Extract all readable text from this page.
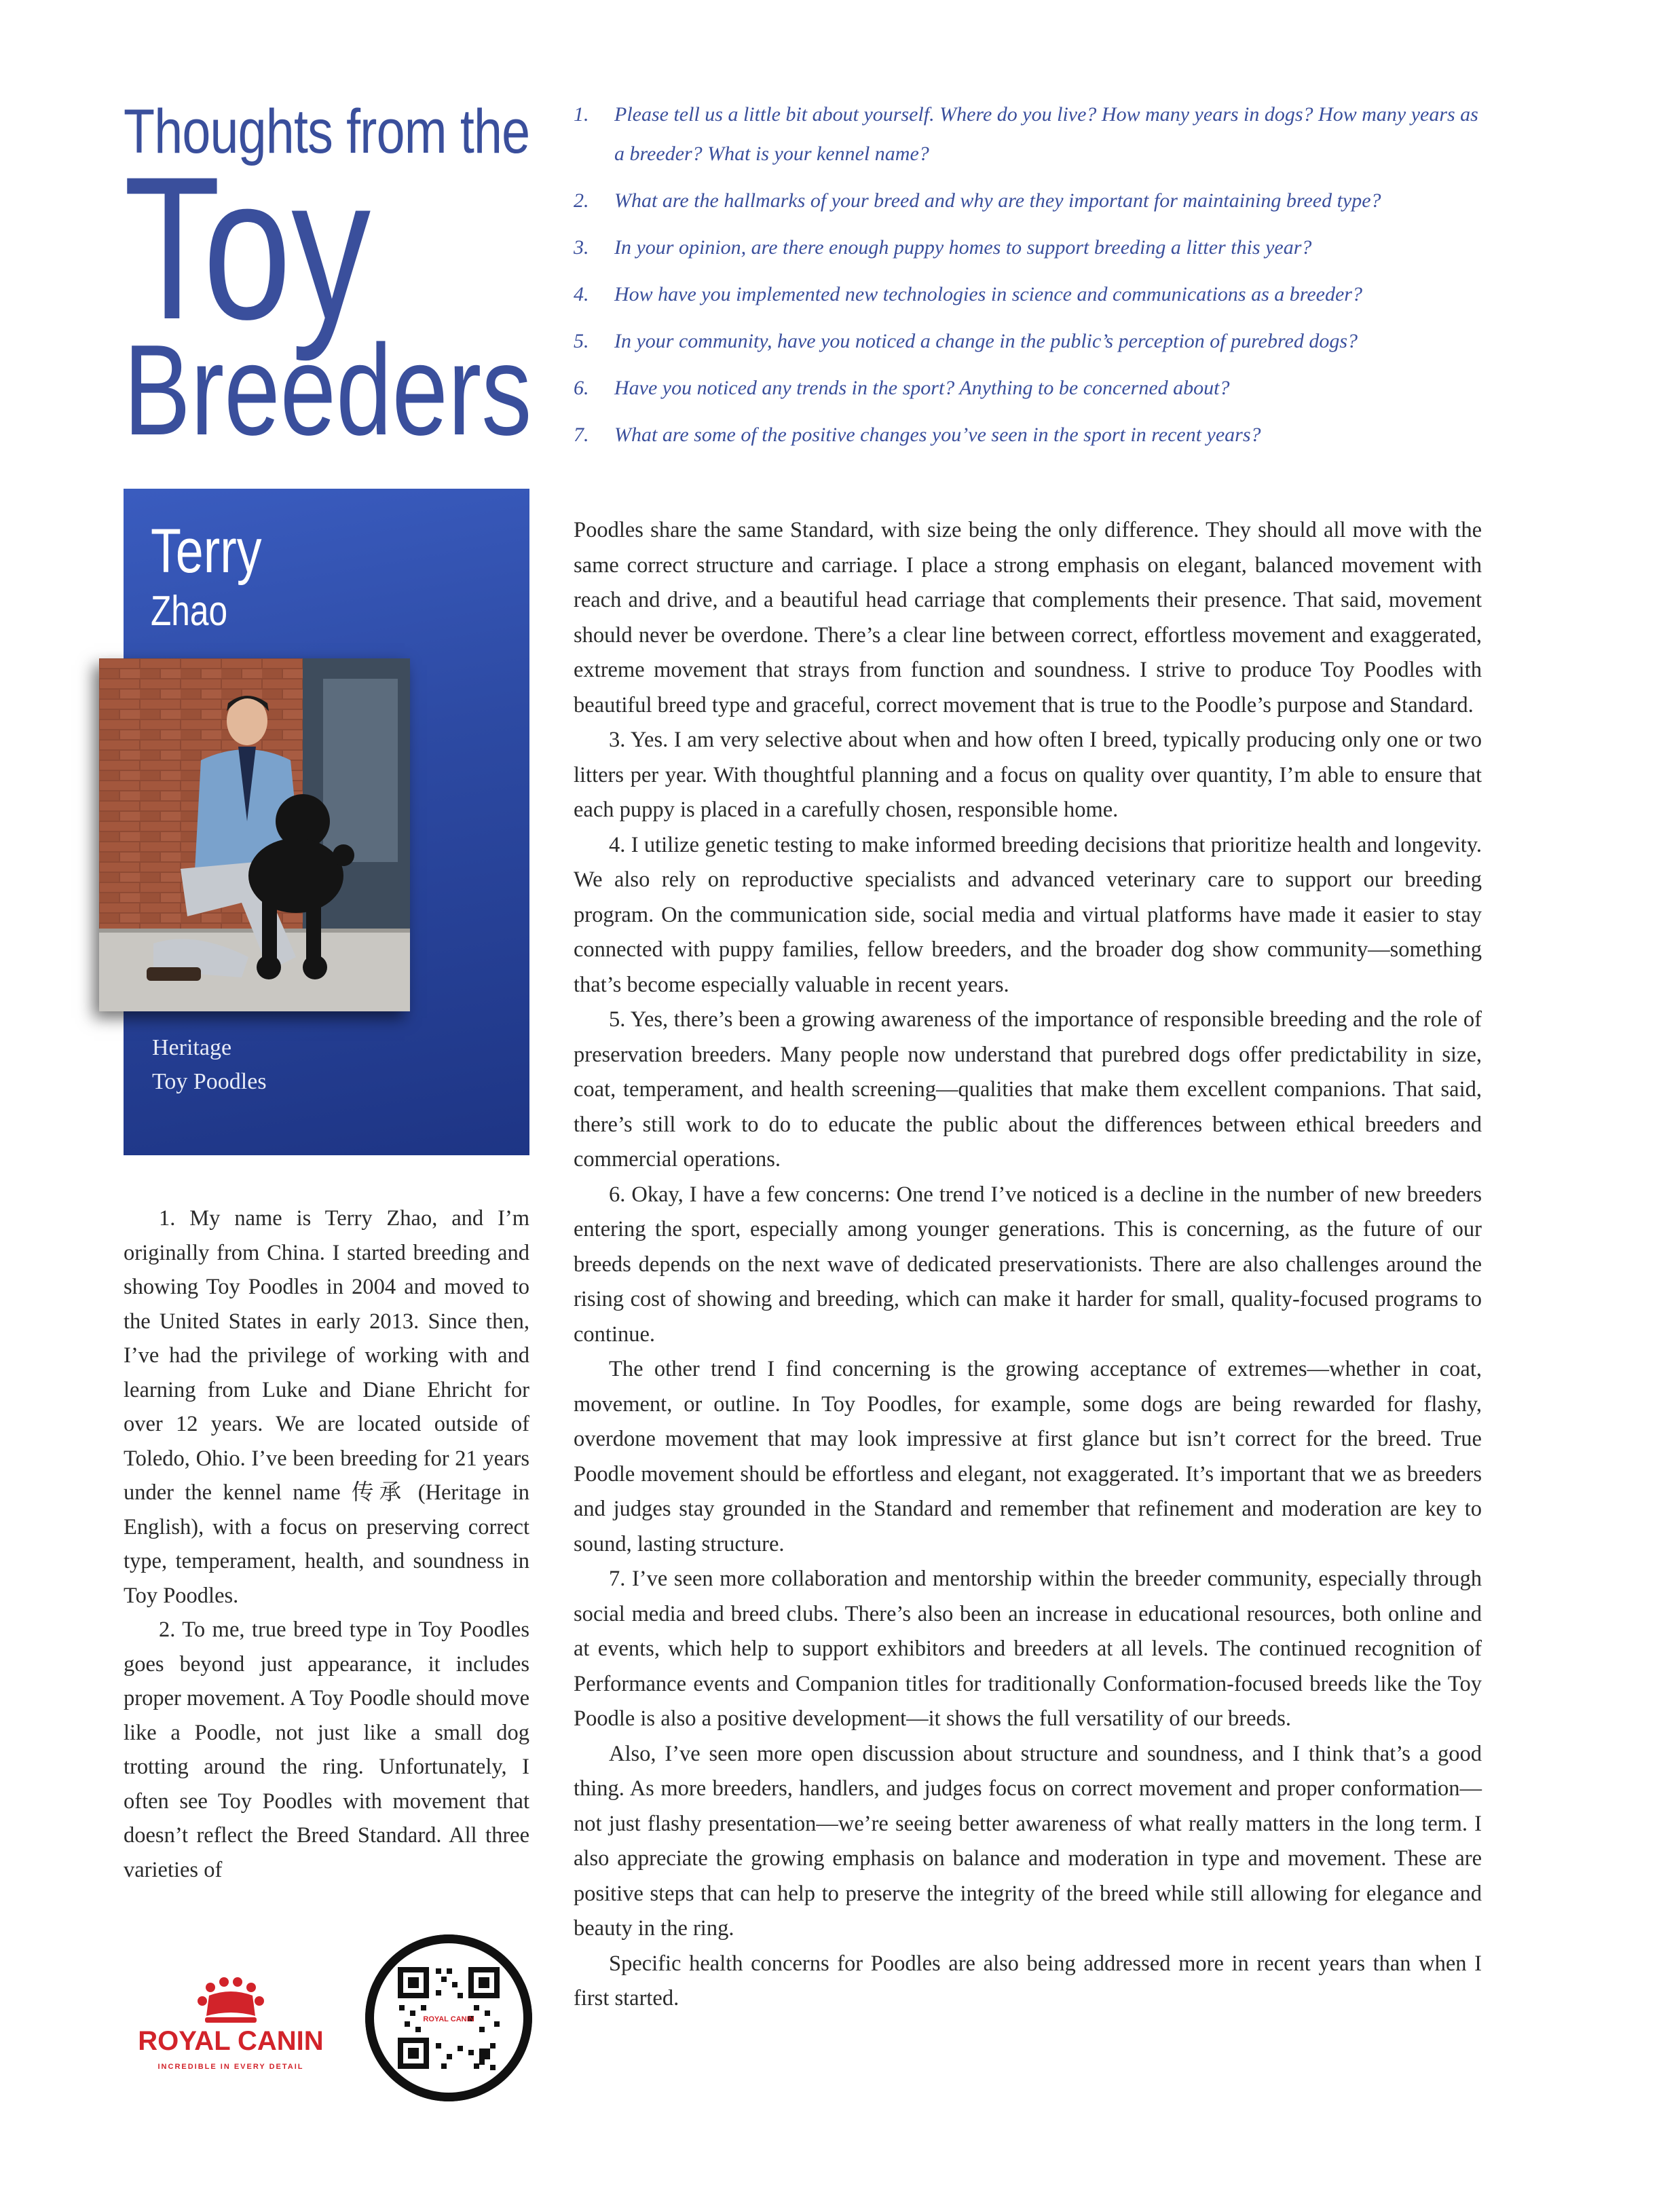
Thoughts from the
Toy
Breeders
1. Please tell us a little bit about yourself. Where do you live? How many years in dogs? How many years as a breeder? What is your kennel name?
2. What are the hallmarks of your breed and why are they important for maintaining breed type?
3. In your opinion, are there enough puppy homes to support breeding a litter this year?
4. How have you implemented new technologies in science and communications as a breeder?
5. In your community, have you noticed a change in the public’s perception of purebred dogs?
6. Have you noticed any trends in the sport? Anything to be concerned about?
7. What are some of the positive changes you’ve seen in the sport in recent years?
Terry
Zhao
Heritage
Toy Poodles

1. My name is Terry Zhao, and I’m originally from China. I started breeding and showing Toy Poodles in 2004 and moved to the United States in early 2013. Since then, I’ve had the privilege of working with and learning from Luke and Diane Ehricht for over 12 years. We are located outside of Toledo, Ohio. I’ve been breeding for 21 years under the kennel name 传承 (Heritage in English), with a focus on preserving correct type, temperament, health, and soundness in Toy Poodles.

2. To me, true breed type in Toy Poodles goes beyond just appearance, it includes proper movement. A Toy Poodle should move like a Poodle, not just like a small dog trotting around the ring. Unfortunately, I often see Toy Poodles with movement that doesn’t reflect the Breed Standard. All three varieties of

Poodles share the same Standard, with size being the only difference. They should all move with the same correct structure and carriage. I place a strong emphasis on elegant, balanced movement with reach and drive, and a beautiful head carriage that complements their presence. That said, movement should never be overdone. There’s a clear line between correct, effortless movement and exaggerated, extreme movement that strays from function and soundness. I strive to produce Toy Poodles with beautiful breed type and graceful, correct movement that is true to the Poodle’s purpose and Standard.

3. Yes. I am very selective about when and how often I breed, typically producing only one or two litters per year. With thoughtful planning and a focus on quality over quantity, I’m able to ensure that each puppy is placed in a carefully chosen, responsible home.

4. I utilize genetic testing to make informed breeding decisions that prioritize health and longevity. We also rely on reproductive specialists and advanced veterinary care to support our breeding program. On the communication side, social media and virtual platforms have made it easier to stay connected with puppy families, fellow breeders, and the broader dog show community—something that’s become especially valuable in recent years.

5. Yes, there’s been a growing awareness of the importance of responsible breeding and the role of preservation breeders. Many people now understand that purebred dogs offer predictability in size, coat, temperament, and health screening—qualities that make them excellent companions. That said, there’s still work to do to educate the public about the differences between ethical breeders and commercial operations.

6. Okay, I have a few concerns: One trend I’ve noticed is a decline in the number of new breeders entering the sport, especially among younger generations. This is concerning, as the future of our breeds depends on the next wave of dedicated preservationists. There are also challenges around the rising cost of showing and breeding, which can make it harder for small, quality-focused programs to continue.

The other trend I find concerning is the growing acceptance of extremes—whether in coat, movement, or outline. In Toy Poodles, for example, some dogs are being rewarded for flashy, overdone movement that may look impressive at first glance but isn’t correct for the breed. True Poodle movement should be effortless and elegant, not exaggerated. It’s important that we as breeders and judges stay grounded in the Standard and remember that refinement and moderation are key to sound, lasting structure.

7. I’ve seen more collaboration and mentorship within the breeder community, especially through social media and breed clubs. There’s also been an increase in educational resources, both online and at events, which help to support exhibitors and breeders at all levels. The continued recognition of Performance events and Companion titles for traditionally Conformation-focused breeds like the Toy Poodle is also a positive development—it shows the full versatility of our breeds.

Also, I’ve seen more open discussion about structure and soundness, and I think that’s a good thing. As more breeders, handlers, and judges focus on correct movement and proper conformation—not just flashy presentation—we’re seeing better awareness of what really matters in the long term. I also appreciate the growing emphasis on balance and moderation in type and movement. These are positive steps that can help to preserve the integrity of the breed while still allowing for elegance and beauty in the ring.

Specific health concerns for Poodles are also being addressed more in recent years than when I first started.

ROYAL CANIN
INCREDIBLE IN EVERY DETAIL
ROYAL CANIN
